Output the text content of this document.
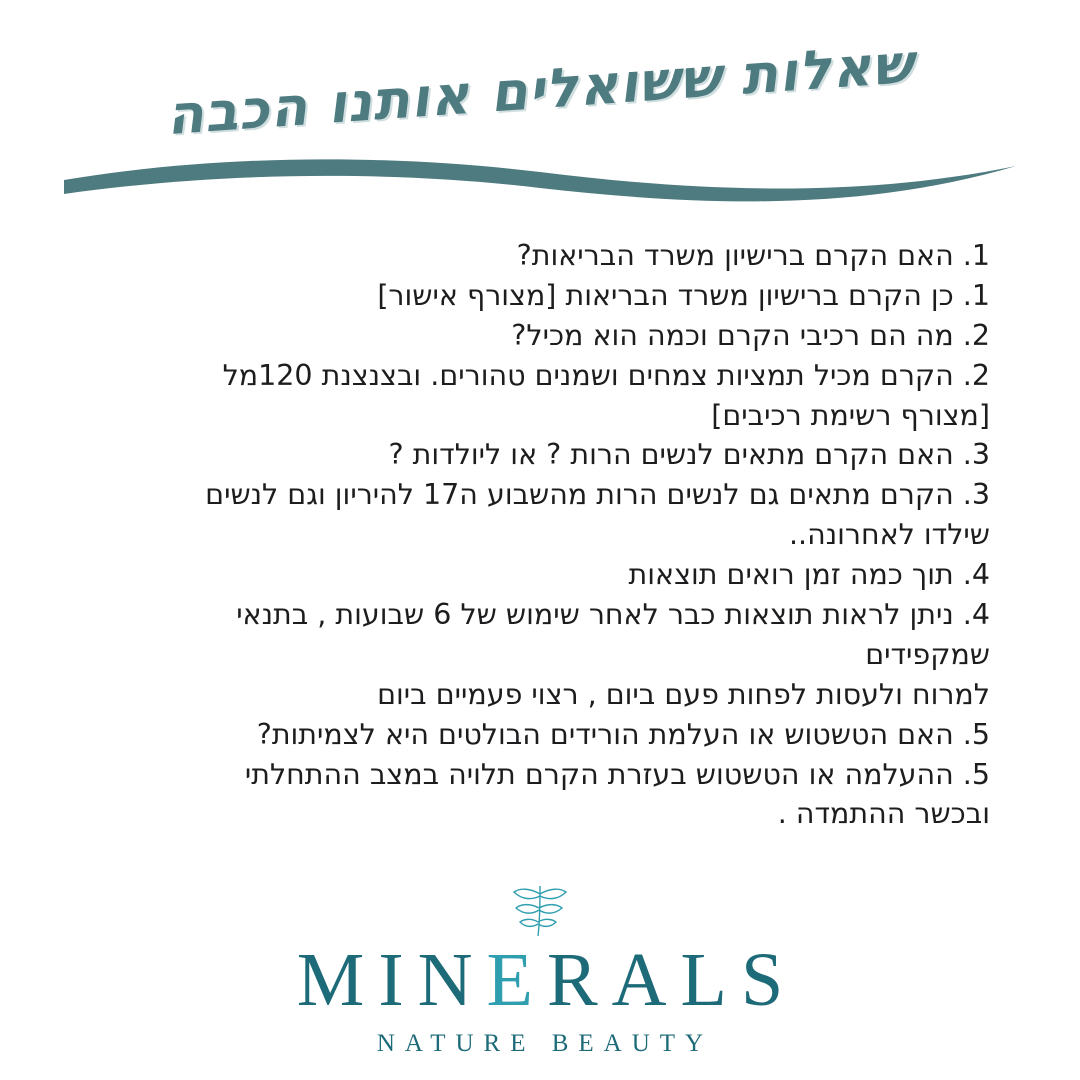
שאלות ששואלים אותנו הכבה

1. האם הקרם ברישיון משרד הבריאות?

1. כן הקרם ברישיון משרד הבריאות [מצורף אישור]

2. מה הם רכיבי הקרם וכמה הוא מכיל?

2. הקרם מכיל תמציות צמחים ושמנים טהורים. ובצנצנת 120מל

[מצורף רשימת רכיבים]

3. האם הקרם מתאים לנשים הרות ? או ליולדות ?

3. הקרם מתאים גם לנשים הרות מהשבוע ה17 להיריון וגם לנשים

שילדו לאחרונה..

4. תוך כמה זמן רואים תוצאות

4. ניתן לראות תוצאות כבר לאחר שימוש של 6 שבועות , בתנאי

שמקפידים

למרוח ולעסות לפחות פעם ביום , רצוי פעמיים ביום

5. האם הטשטוש או העלמת הורידים הבולטים היא לצמיתות?

5. ההעלמה או הטשטוש בעזרת הקרם תלויה במצב ההתחלתי

ובכשר ההתמדה .

MINERALS
NATURE BEAUTY
